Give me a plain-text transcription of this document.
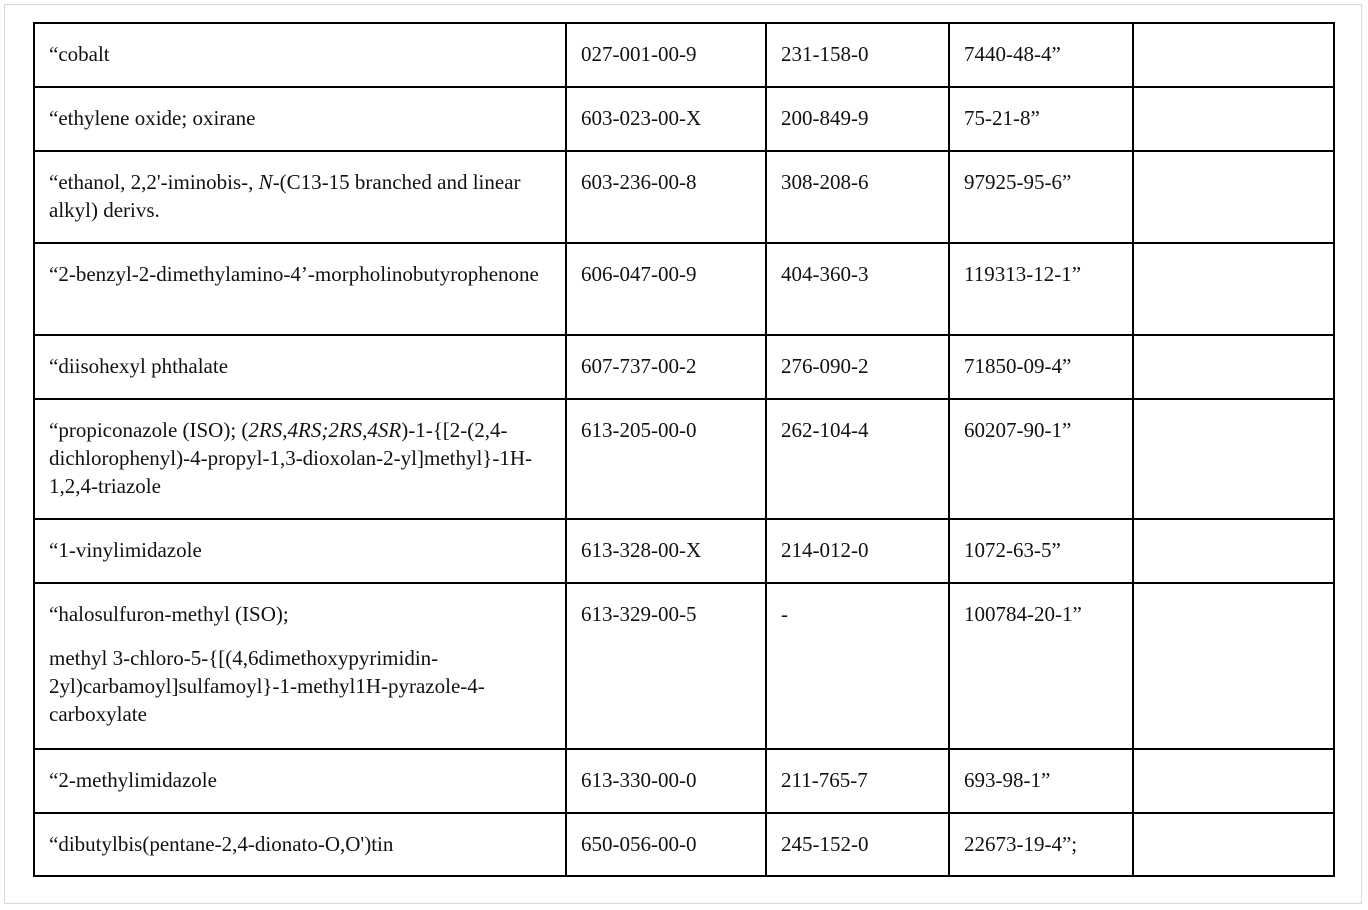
“cobalt	027-001-00-9	231-158-0	7440-48-4”	
“ethylene oxide; oxirane	603-023-00-X	200-849-9	75-21-8”	
“ethanol, 2,2'-iminobis-, N-(C13-15 branched and linear alkyl) derivs.	603-236-00-8	308-208-6	97925-95-6”	
“2-benzyl-2-dimethylamino-4’-morpholinobutyrophenone	606-047-00-9	404-360-3	119313-12-1”	
“diisohexyl phthalate	607-737-00-2	276-090-2	71850-09-4”	
“propiconazole (ISO); (2RS,4RS;2RS,4SR)-1-{[2-(2,4-dichlorophenyl)-4-propyl-1,3-dioxolan-2-yl]methyl}-1H-1,2,4-triazole	613-205-00-0	262-104-4	60207-90-1”	
“1-vinylimidazole	613-328-00-X	214-012-0	1072-63-5”	

“halosulfuron-methyl (ISO);
methyl 3-chloro-5-{[(4,6dimethoxypyrimidin-2yl)carbamoyl]sulfamoyl}-1-methyl1H-pyrazole-4-carboxylate	613-329-00-5	-	100784-20-1”	
“2-methylimidazole	613-330-00-0	211-765-7	693-98-1”	
“dibutylbis(pentane-2,4-dionato-O,O')tin	650-056-00-0	245-152-0	22673-19-4”;	
